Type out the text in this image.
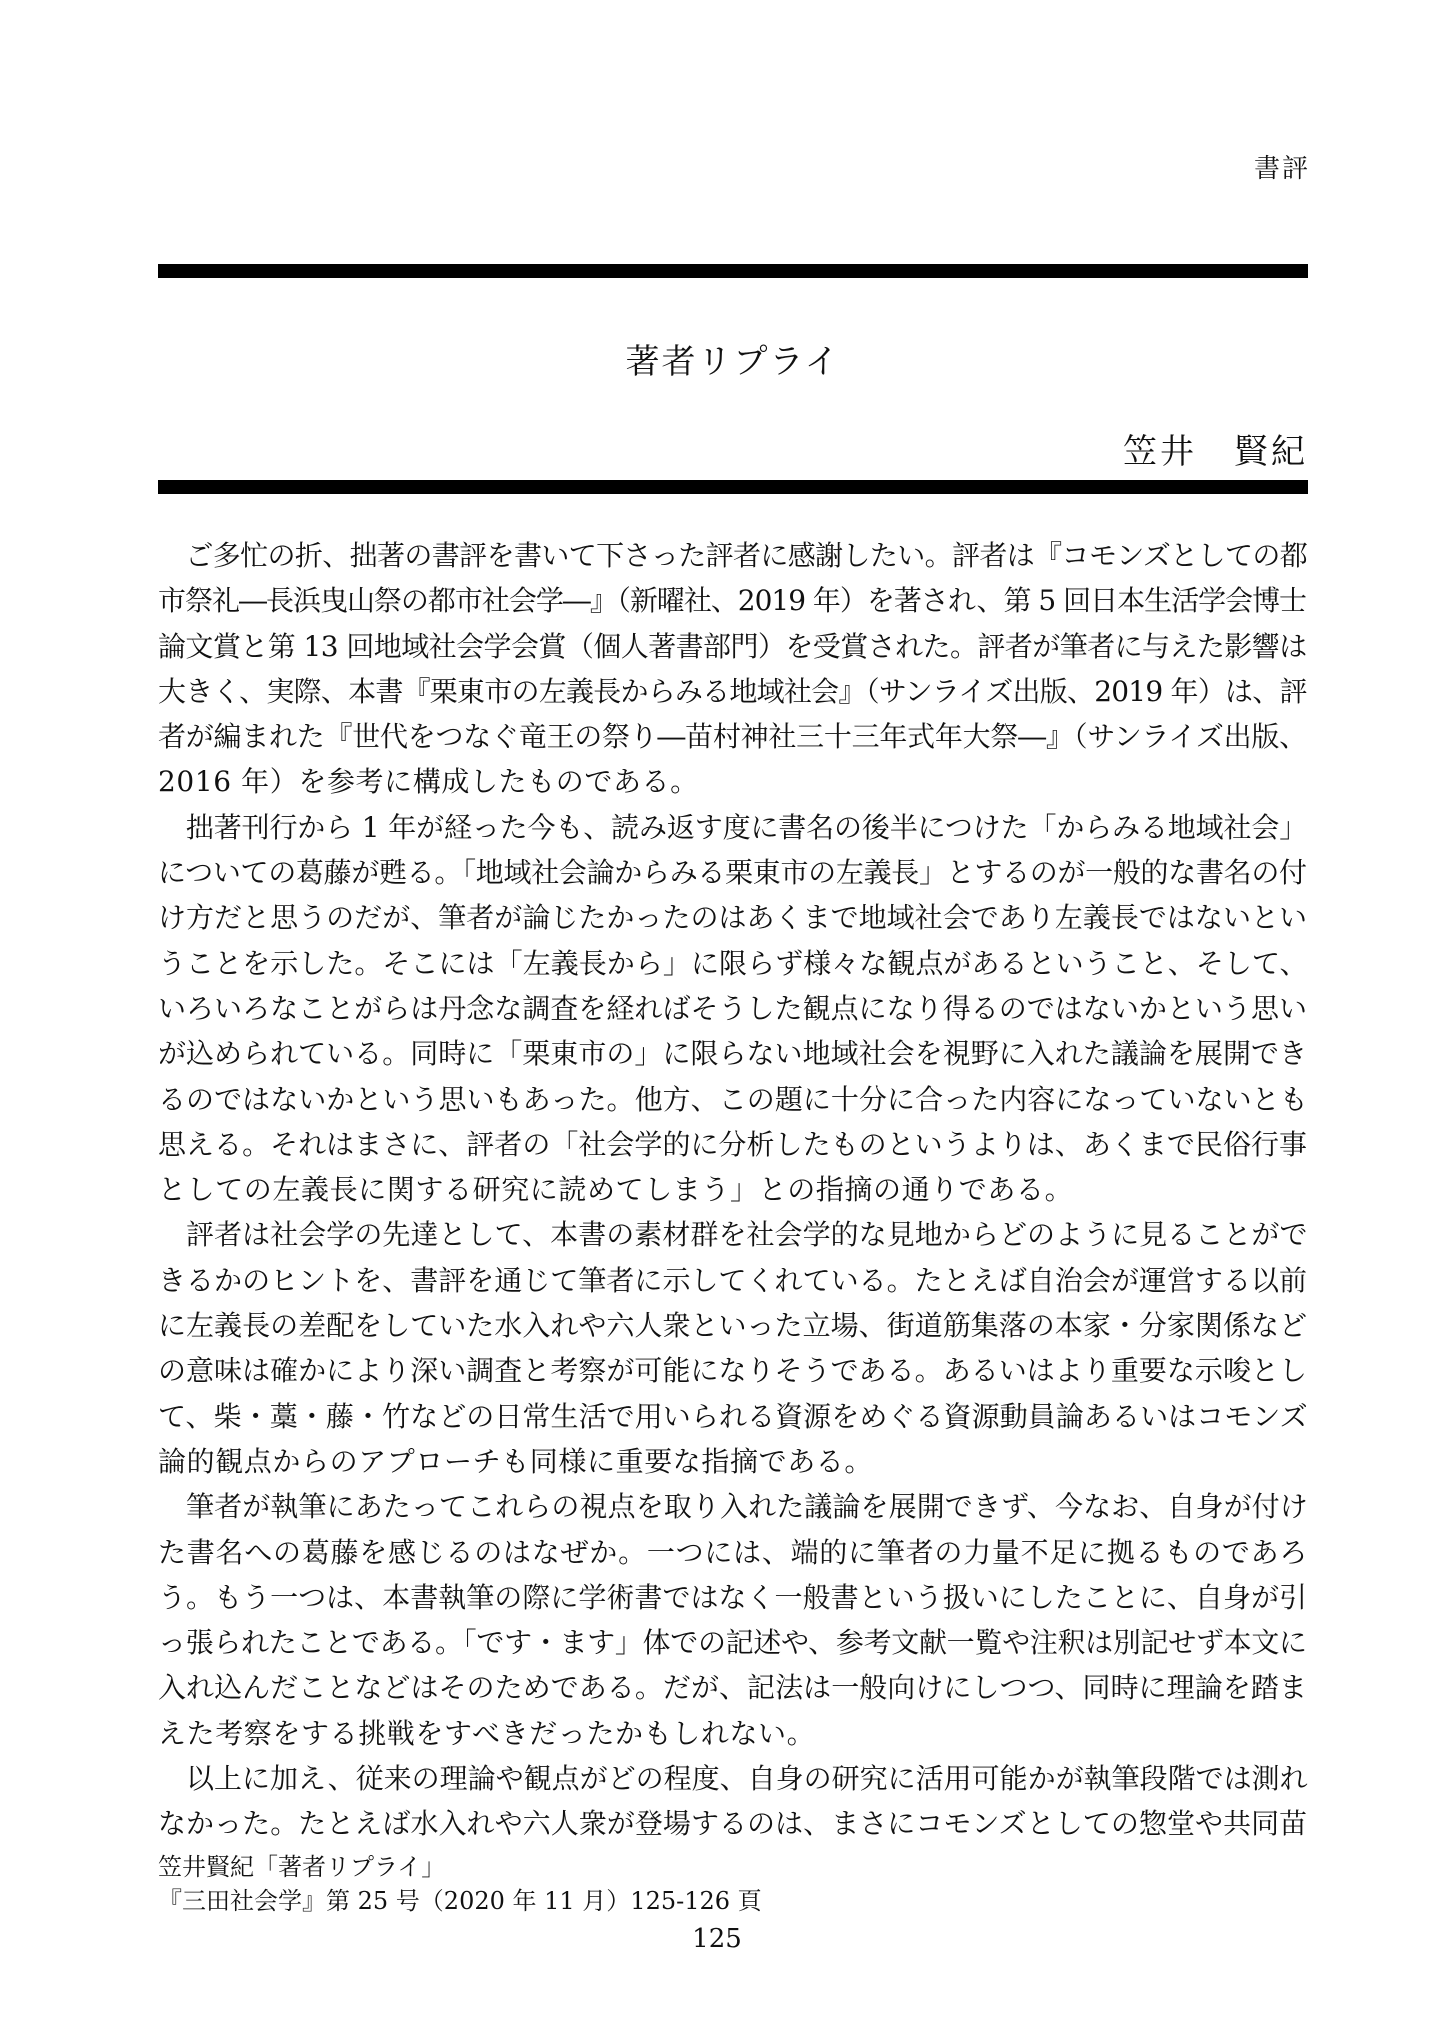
書評
著者リプライ
笠井　賢紀
　ご多忙の折、拙著の書評を書いて下さった評者に感謝したい。評者は『コモンズとしての都
市祭礼―長浜曳山祭の都市社会学―』（新曜社、2019 年）を著され、第 5 回日本生活学会博士
論文賞と第 13 回地域社会学会賞（個人著書部門）を受賞された。評者が筆者に与えた影響は
大きく、実際、本書『栗東市の左義長からみる地域社会』（サンライズ出版、2019 年）は、評
者が編まれた『世代をつなぐ竜王の祭り―苗村神社三十三年式年大祭―』（サンライズ出版、
2016 年）を参考に構成したものである。
　拙著刊行から 1 年が経った今も、読み返す度に書名の後半につけた「からみる地域社会」
についての葛藤が甦る。「地域社会論からみる栗東市の左義長」とするのが一般的な書名の付
け方だと思うのだが、筆者が論じたかったのはあくまで地域社会であり左義長ではないとい
うことを示した。そこには「左義長から」に限らず様々な観点があるということ、そして、
いろいろなことがらは丹念な調査を経ればそうした観点になり得るのではないかという思い
が込められている。同時に「栗東市の」に限らない地域社会を視野に入れた議論を展開でき
るのではないかという思いもあった。他方、この題に十分に合った内容になっていないとも
思える。それはまさに、評者の「社会学的に分析したものというよりは、あくまで民俗行事
としての左義長に関する研究に読めてしまう」との指摘の通りである。
　評者は社会学の先達として、本書の素材群を社会学的な見地からどのように見ることがで
きるかのヒントを、書評を通じて筆者に示してくれている。たとえば自治会が運営する以前
に左義長の差配をしていた水入れや六人衆といった立場、街道筋集落の本家・分家関係など
の意味は確かにより深い調査と考察が可能になりそうである。あるいはより重要な示唆とし
て、柴・藁・藤・竹などの日常生活で用いられる資源をめぐる資源動員論あるいはコモンズ
論的観点からのアプローチも同様に重要な指摘である。
　筆者が執筆にあたってこれらの視点を取り入れた議論を展開できず、今なお、自身が付け
た書名への葛藤を感じるのはなぜか。一つには、端的に筆者の力量不足に拠るものであろ
う。もう一つは、本書執筆の際に学術書ではなく一般書という扱いにしたことに、自身が引
っ張られたことである。「です・ます」体での記述や、参考文献一覧や注釈は別記せず本文に
入れ込んだことなどはそのためである。だが、記法は一般向けにしつつ、同時に理論を踏ま
えた考察をする挑戦をすべきだったかもしれない。
　以上に加え、従来の理論や観点がどの程度、自身の研究に活用可能かが執筆段階では測れ
なかった。たとえば水入れや六人衆が登場するのは、まさにコモンズとしての惣堂や共同苗
笠井賢紀「著者リプライ」
『三田社会学』第 25 号（2020 年 11 月）125-126 頁
125
